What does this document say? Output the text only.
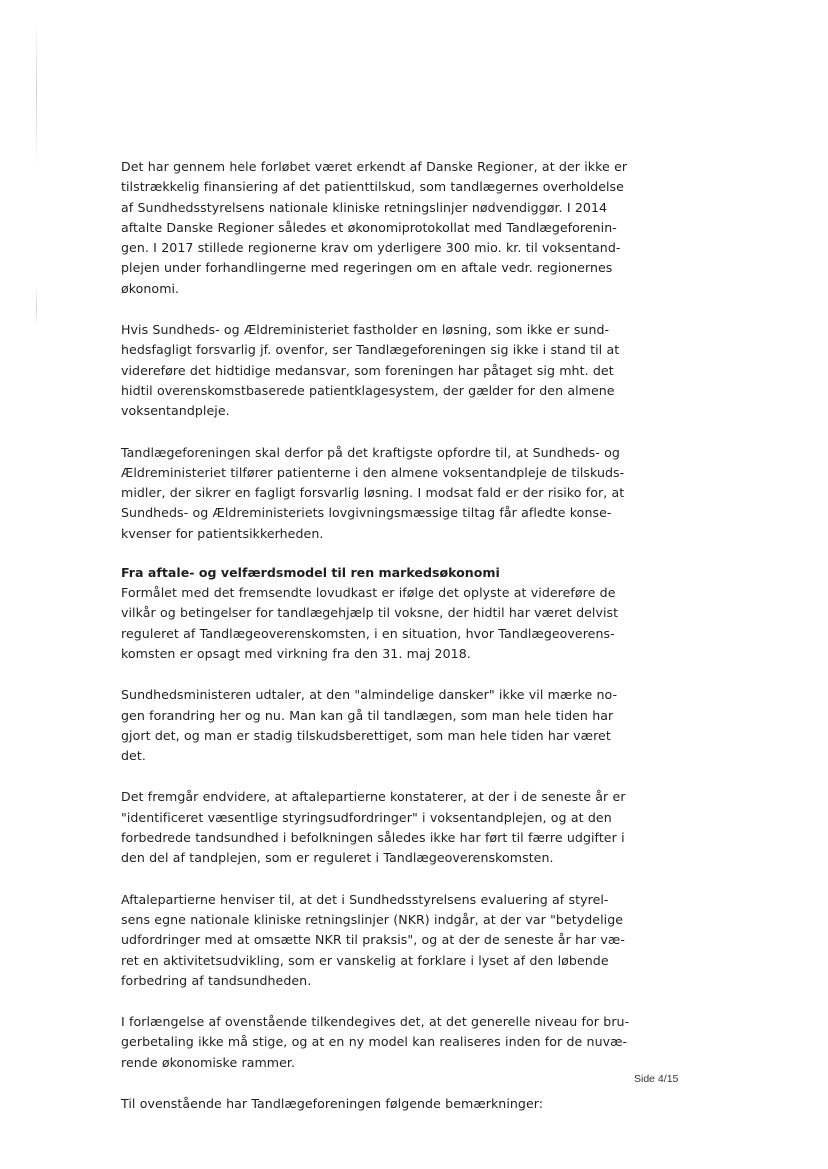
Det har gennem hele forløbet været erkendt af Danske Regioner, at der ikke er
tilstrækkelig finansiering af det patienttilskud, som tandlægernes overholdelse
af Sundhedsstyrelsens nationale kliniske retningslinjer nødvendiggør. I 2014
aftalte Danske Regioner således et økonomiprotokollat med Tandlægeforenin-
gen. I 2017 stillede regionerne krav om yderligere 300 mio. kr. til voksentand-
plejen under forhandlingerne med regeringen om en aftale vedr. regionernes
økonomi.

Hvis Sundheds- og Ældreministeriet fastholder en løsning, som ikke er sund-
hedsfagligt forsvarlig jf. ovenfor, ser Tandlægeforeningen sig ikke i stand til at
videreføre det hidtidige medansvar, som foreningen har påtaget sig mht. det
hidtil overenskomstbaserede patientklagesystem, der gælder for den almene
voksentandpleje.

Tandlægeforeningen skal derfor på det kraftigste opfordre til, at Sundheds- og
Ældreministeriet tilfører patienterne i den almene voksentandpleje de tilskuds-
midler, der sikrer en fagligt forsvarlig løsning. I modsat fald er der risiko for, at
Sundheds- og Ældreministeriets lovgivningsmæssige tiltag får afledte konse-
kvenser for patientsikkerheden.

Fra aftale- og velfærdsmodel til ren markedsøkonomi

Formålet med det fremsendte lovudkast er ifølge det oplyste at videreføre de
vilkår og betingelser for tandlægehjælp til voksne, der hidtil har været delvist
reguleret af Tandlægeoverenskomsten, i en situation, hvor Tandlægeoverens-
komsten er opsagt med virkning fra den 31. maj 2018.

Sundhedsministeren udtaler, at den "almindelige dansker" ikke vil mærke no-
gen forandring her og nu. Man kan gå til tandlægen, som man hele tiden har
gjort det, og man er stadig tilskudsberettiget, som man hele tiden har været
det.

Det fremgår endvidere, at aftalepartierne konstaterer, at der i de seneste år er
"identificeret væsentlige styringsudfordringer" i voksentandplejen, og at den
forbedrede tandsundhed i befolkningen således ikke har ført til færre udgifter i
den del af tandplejen, som er reguleret i Tandlægeoverenskomsten.

Aftalepartierne henviser til, at det i Sundhedsstyrelsens evaluering af styrel-
sens egne nationale kliniske retningslinjer (NKR) indgår, at der var "betydelige
udfordringer med at omsætte NKR til praksis", og at der de seneste år har væ-
ret en aktivitetsudvikling, som er vanskelig at forklare i lyset af den løbende
forbedring af tandsundheden.

I forlængelse af ovenstående tilkendegives det, at det generelle niveau for bru-
gerbetaling ikke må stige, og at en ny model kan realiseres inden for de nuvæ-
rende økonomiske rammer.

Til ovenstående har Tandlægeforeningen følgende bemærkninger:

Side 4/15
